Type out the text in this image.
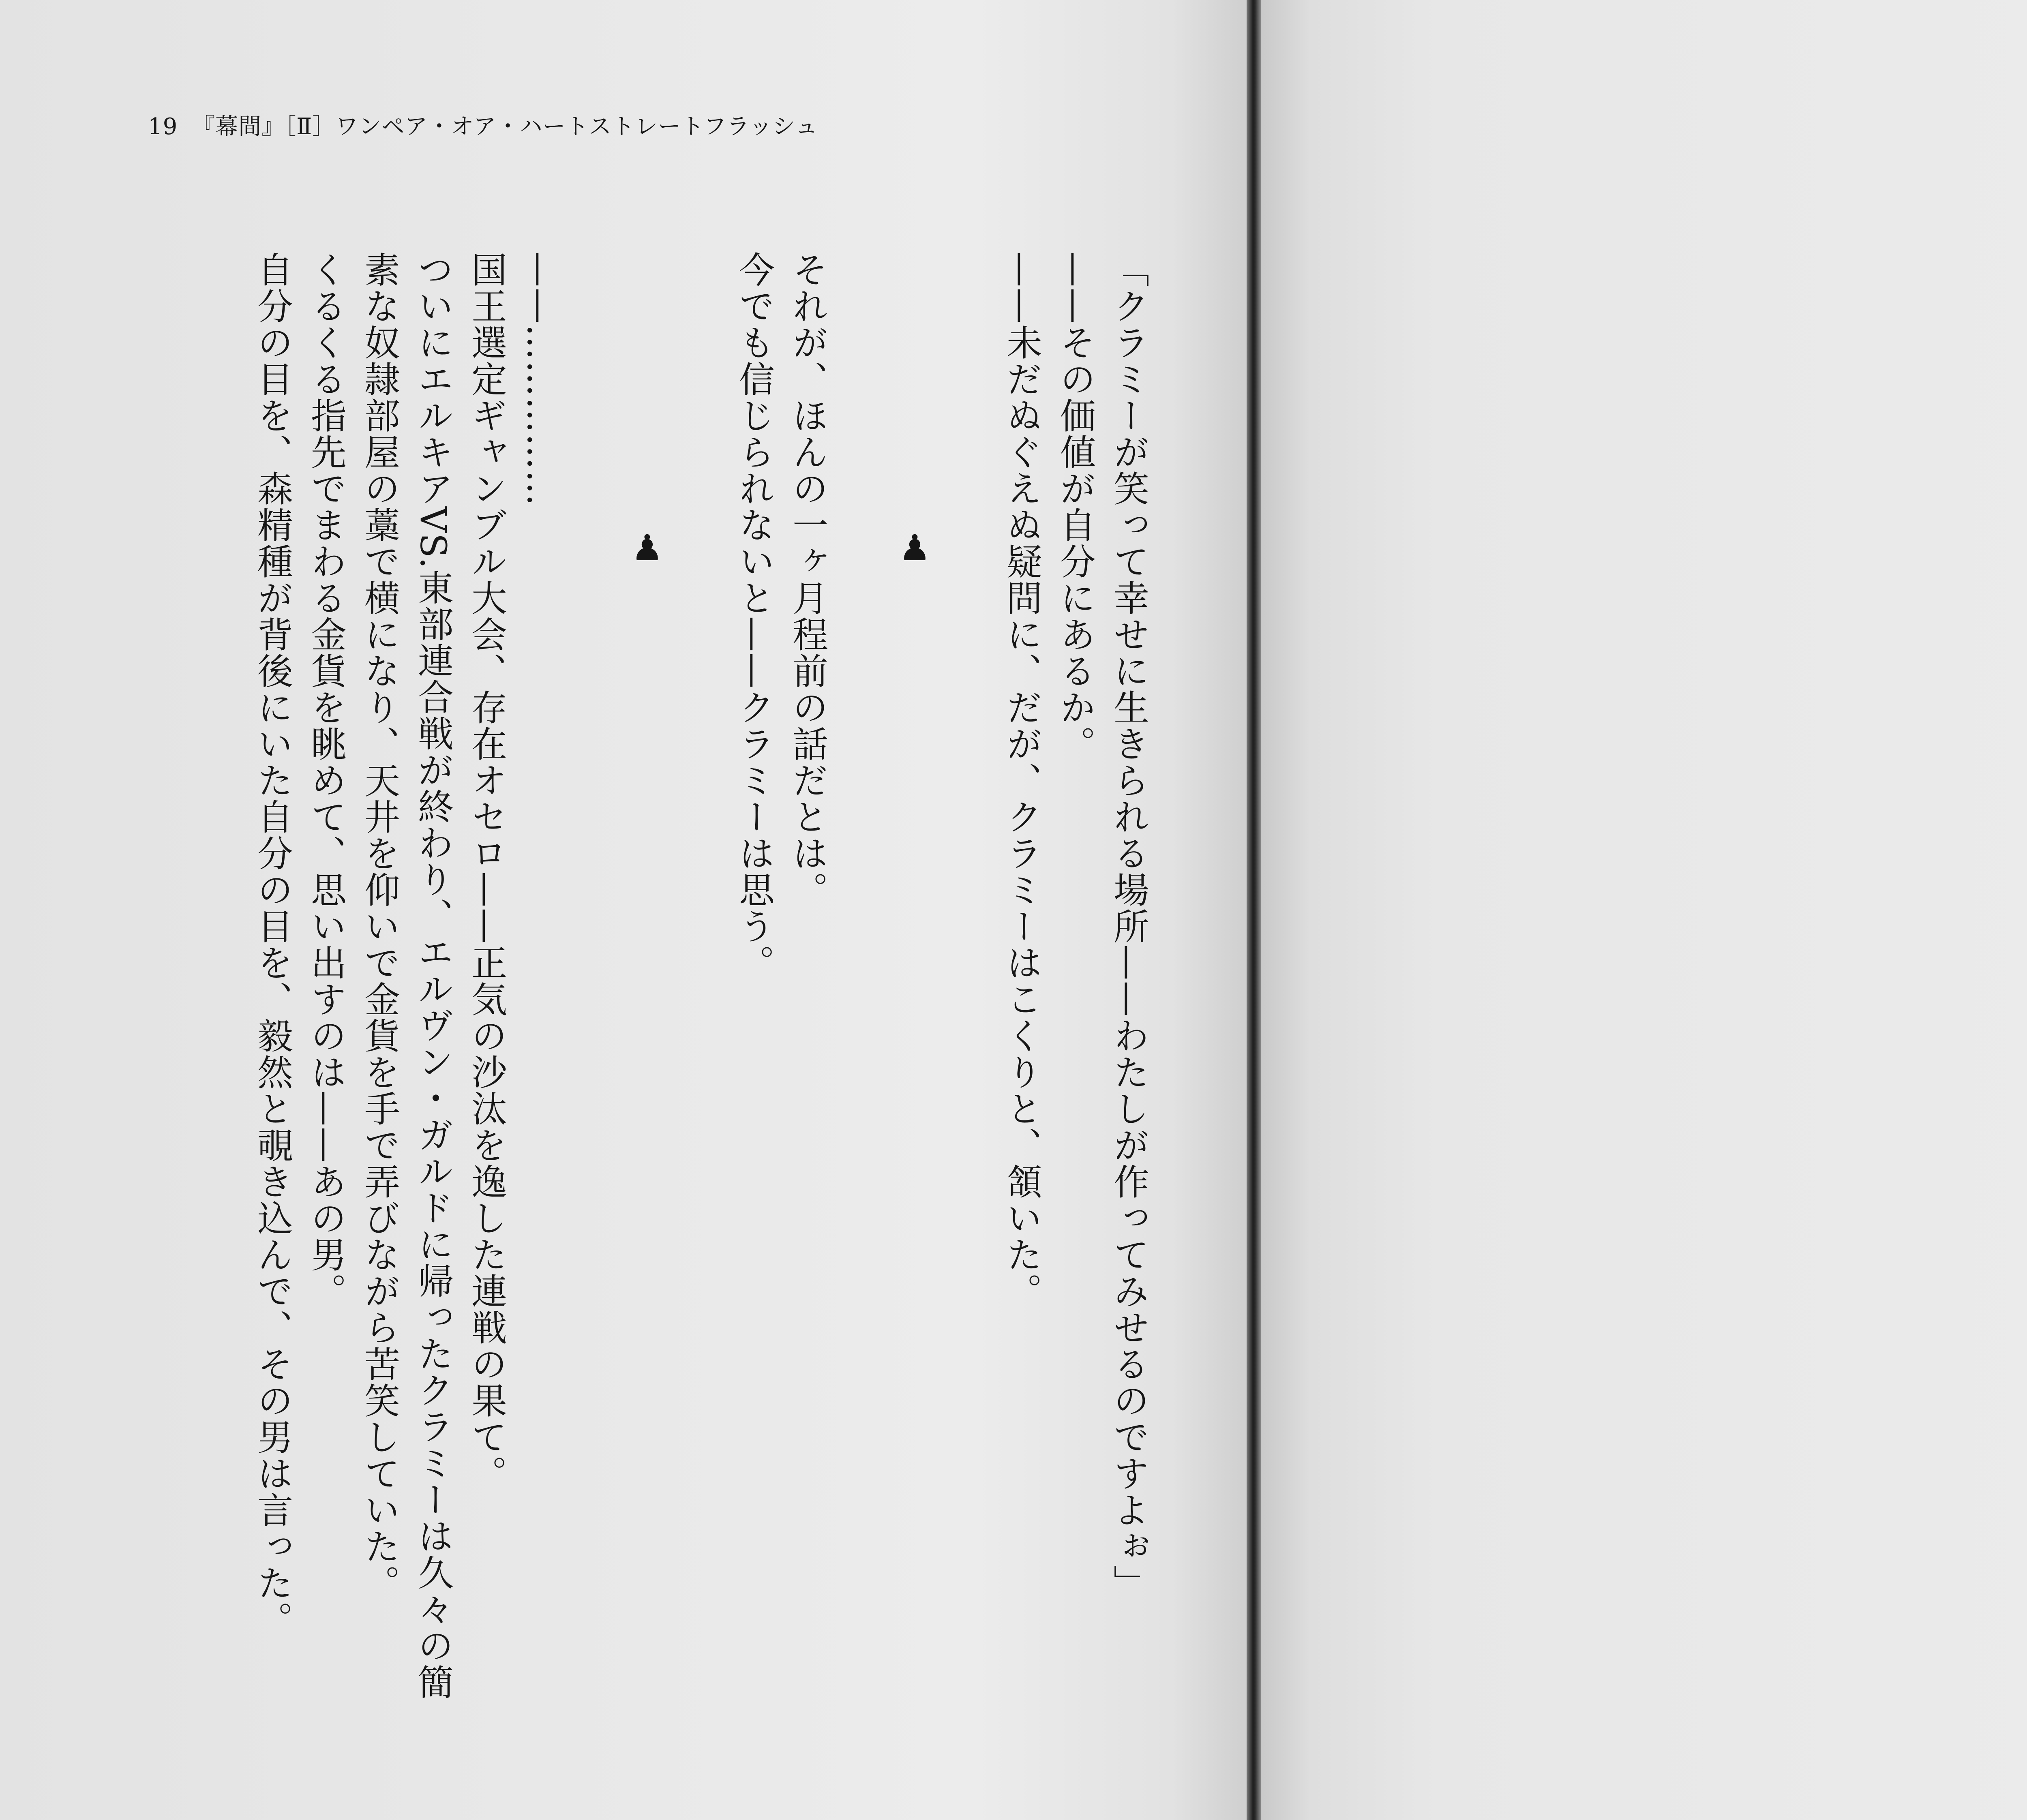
19 『幕間』［Ⅱ］ワンペア・オア・ハートストレートフラッシュ

「クラミーが笑って幸せに生きられる場所——わたしが作ってみせるのですよぉ」

——その価値が自分にあるか。

——未だぬぐえぬ疑問に、だが、クラミーはこくりと、頷いた。

♟

それが、ほんの一ヶ月程前の話だとは。

今でも信じられないと——クラミーは思う。

♟

——……………

国王選定ギャンブル大会、存在オセロ——正気の沙汰を逸した連戦の果て。

ついにエルキアVS.東部連合戦が終わり、エルヴン・ガルドに帰ったクラミーは久々の簡

素な奴隷部屋の藁で横になり、天井を仰いで金貨を手で弄びながら苦笑していた。

くるくる指先でまわる金貨を眺めて、思い出すのは——あの男。

自分の目を、森精種が背後にいた自分の目を、毅然と覗き込んで、その男は言った。
